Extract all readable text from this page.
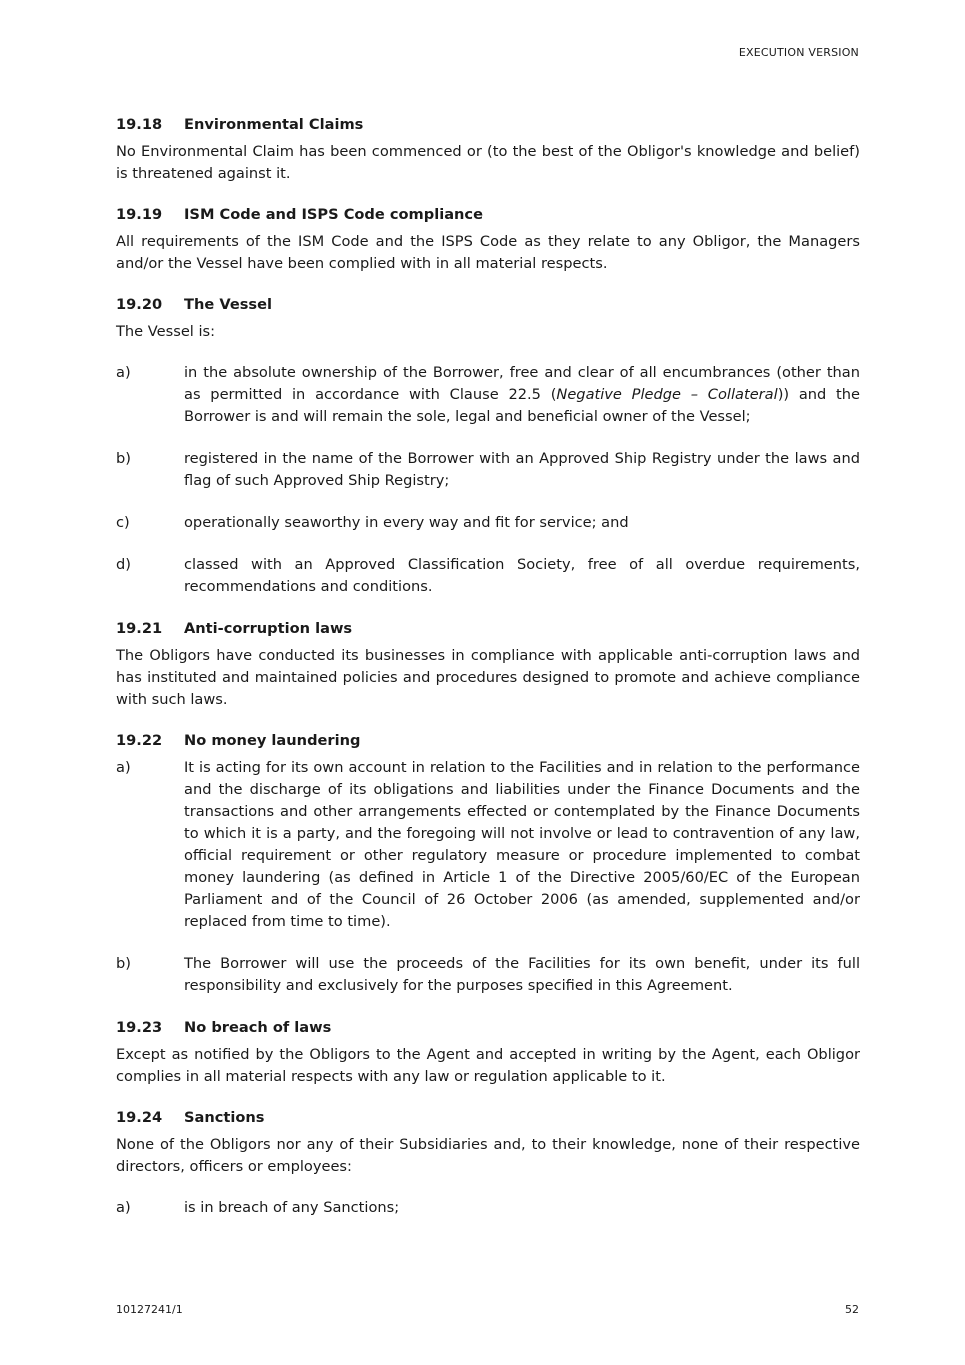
EXECUTION VERSION
19.18	Environmental Claims

No Environmental Claim has been commenced or (to the best of the Obligor's knowledge and belief) is threatened against it.

19.19	ISM Code and ISPS Code compliance

All requirements of the ISM Code and the ISPS Code as they relate to any Obligor, the Managers and/or the Vessel have been complied with in all material respects.

19.20	The Vessel

The Vessel is:

a)	in the absolute ownership of the Borrower, free and clear of all encumbrances (other than as permitted in accordance with Clause 22.5 (Negative Pledge – Collateral)) and the Borrower is and will remain the sole, legal and beneficial owner of the Vessel;
b)	registered in the name of the Borrower with an Approved Ship Registry under the laws and flag of such Approved Ship Registry;
c)	operationally seaworthy in every way and fit for service; and
d)	classed with an Approved Classification Society, free of all overdue requirements, recommendations and conditions.
19.21	Anti-corruption laws

The Obligors have conducted its businesses in compliance with applicable anti-corruption laws and has instituted and maintained policies and procedures designed to promote and achieve compliance with such laws.

19.22	No money laundering
a)	It is acting for its own account in relation to the Facilities and in relation to the performance and the discharge of its obligations and liabilities under the Finance Documents and the transactions and other arrangements effected or contemplated by the Finance Documents to which it is a party, and the foregoing will not involve or lead to contravention of any law, official requirement or other regulatory measure or procedure implemented to combat money laundering (as defined in Article 1 of the Directive 2005/60/EC of the European Parliament and of the Council of 26 October 2006 (as amended, supplemented and/or replaced from time to time).
b)	The Borrower will use the proceeds of the Facilities for its own benefit, under its full responsibility and exclusively for the purposes specified in this Agreement.
19.23	No breach of laws

Except as notified by the Obligors to the Agent and accepted in writing by the Agent, each Obligor complies in all material respects with any law or regulation applicable to it.

19.24	Sanctions

None of the Obligors nor any of their Subsidiaries and, to their knowledge, none of their respective directors, officers or employees:

a)	is in breach of any Sanctions;
10127241/1	52
